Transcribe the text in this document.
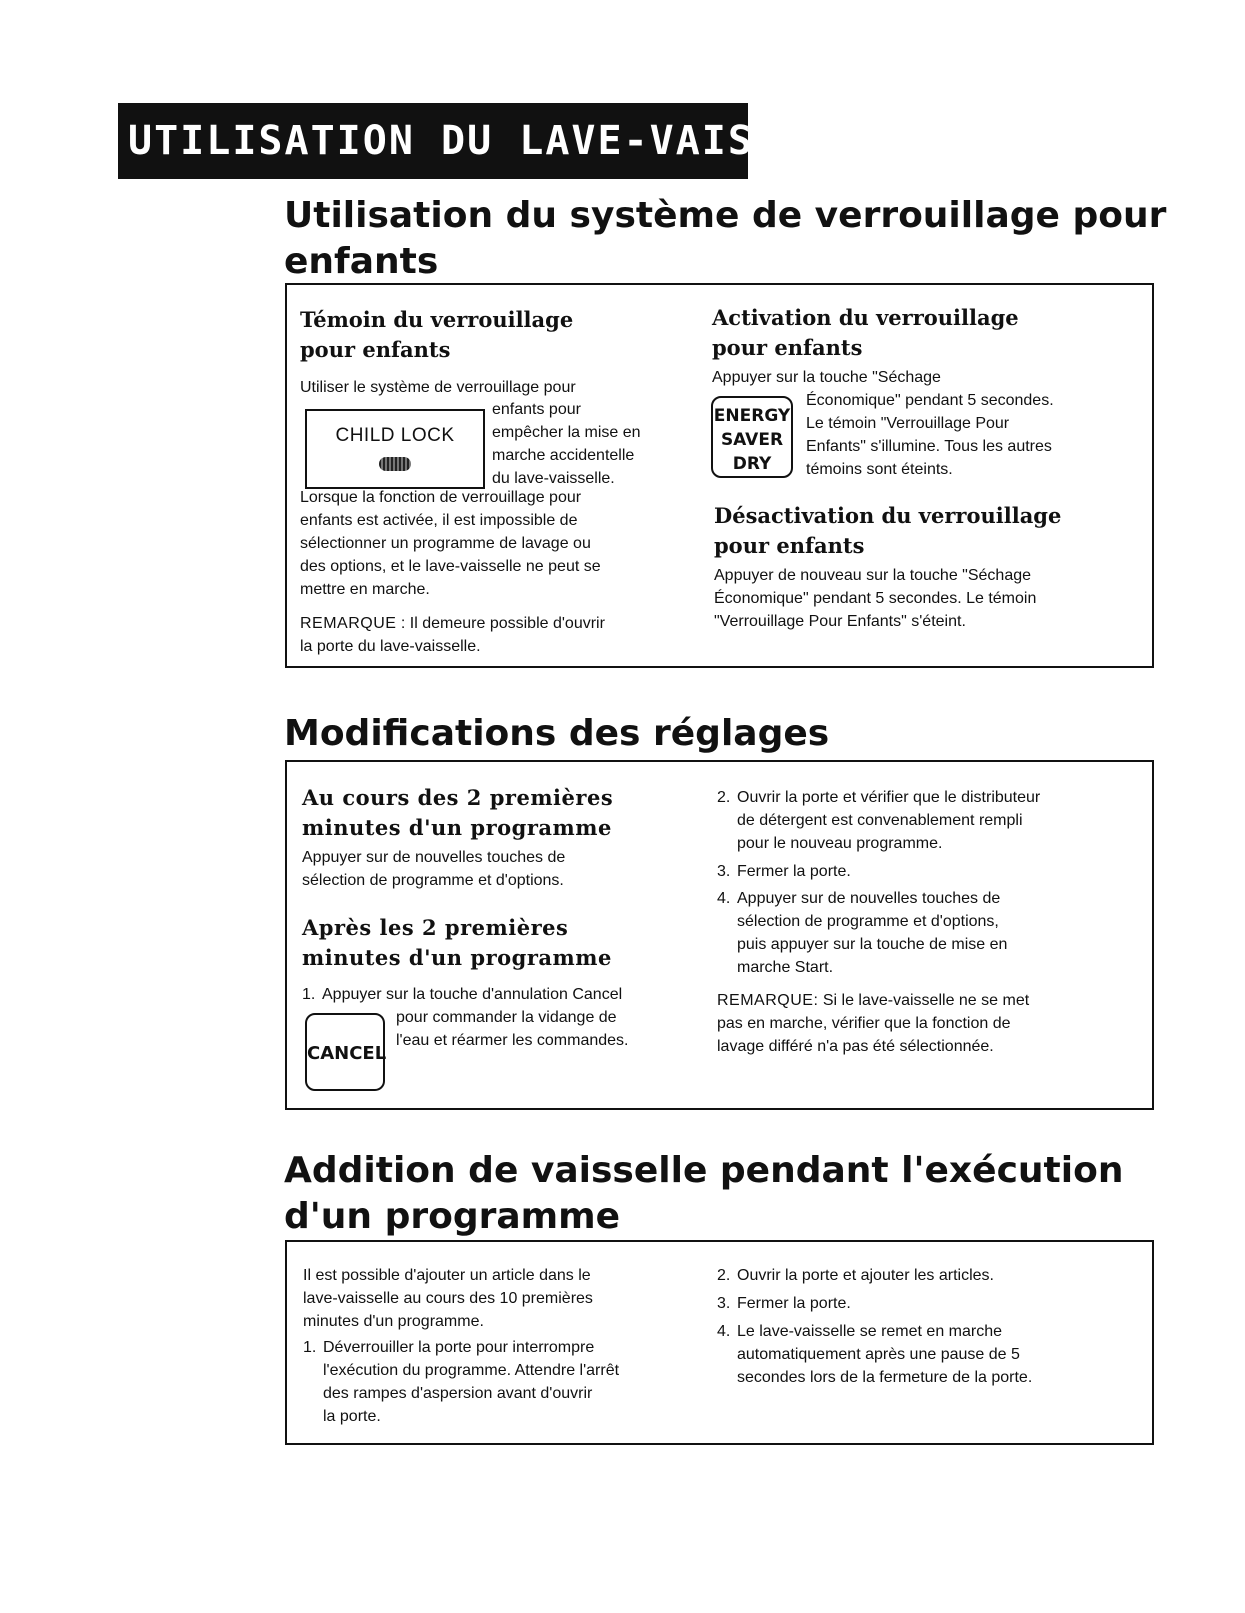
UTILISATION DU LAVE-VAISSELLE
Utilisation du système de verrouillage pour
enfants
Témoin du verrouillage
pour enfants

Utiliser le système de verrouillage pour

CHILD LOCK

enfants pour
empêcher la mise en
marche accidentelle
du lave-vaisselle.

Lorsque la fonction de verrouillage pour
enfants est activée, il est impossible de
sélectionner un programme de lavage ou
des options, et le lave-vaisselle ne peut se
mettre en marche.

REMARQUE : Il demeure possible d'ouvrir
la porte du lave-vaisselle.

Activation du verrouillage
pour enfants

Appuyer sur la touche "Séchage

ENERGY
SAVER
DRY

Économique" pendant 5 secondes.
Le témoin "Verrouillage Pour
Enfants" s'illumine. Tous les autres
témoins sont éteints.

Désactivation du verrouillage
pour enfants

Appuyer de nouveau sur la touche "Séchage
Économique" pendant 5 secondes. Le témoin
"Verrouillage Pour Enfants" s'éteint.

Modifications des réglages
Au cours des 2 premières
minutes d'un programme

Appuyer sur de nouvelles touches de
sélection de programme et d'options.

Après les 2 premières
minutes d'un programme
1. Appuyer sur la touche d'annulation Cancel
CANCEL

pour commander la vidange de
l'eau et réarmer les commandes.

2. Ouvrir la porte et vérifier que le distributeur
de détergent est convenablement rempli
pour le nouveau programme.
3. Fermer la porte.
4. Appuyer sur de nouvelles touches de
sélection de programme et d'options,
puis appuyer sur la touche de mise en
marche Start.

REMARQUE: Si le lave-vaisselle ne se met
pas en marche, vérifier que la fonction de
lavage différé n'a pas été sélectionnée.

Addition de vaisselle pendant l'exécution
d'un programme

Il est possible d'ajouter un article dans le
lave-vaisselle au cours des 10 premières
minutes d'un programme.

1. Déverrouiller la porte pour interrompre
l'exécution du programme. Attendre l'arrêt
des rampes d'aspersion avant d'ouvrir
la porte.
2. Ouvrir la porte et ajouter les articles.
3. Fermer la porte.
4. Le lave-vaisselle se remet en marche
automatiquement après une pause de 5
secondes lors de la fermeture de la porte.
